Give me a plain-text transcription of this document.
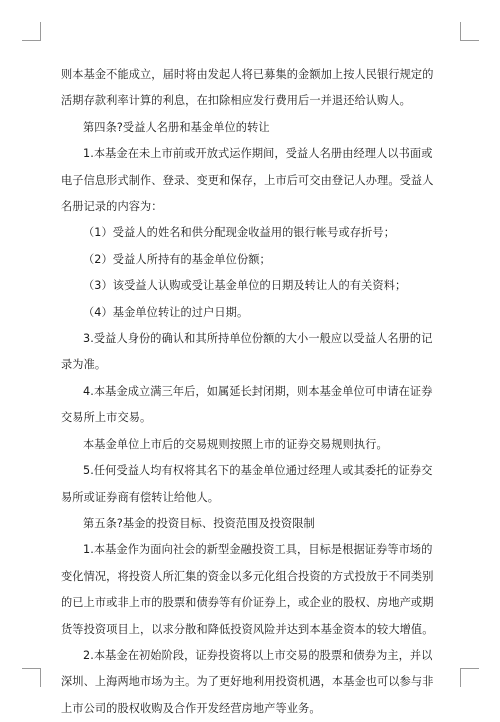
则本基金不能成立，届时将由发起人将已募集的金额加上按人民银行规定的活期存款利率计算的利息，在扣除相应发行费用后一并退还给认购人。

第四条?受益人名册和基金单位的转让

1.本基金在未上市前或开放式运作期间，受益人名册由经理人以书面或电子信息形式制作、登录、变更和保存，上市后可交由登记人办理。受益人名册记录的内容为：

（1）受益人的姓名和供分配现金收益用的银行帐号或存折号；

（2）受益人所持有的基金单位份额；

（3）该受益人认购或受让基金单位的日期及转让人的有关资料；

（4）基金单位转让的过户日期。

3.受益人身份的确认和其所持单位份额的大小一般应以受益人名册的记录为准。

4.本基金成立满三年后，如属延长封闭期，则本基金单位可申请在证券交易所上市交易。

本基金单位上市后的交易规则按照上市的证券交易规则执行。

5.任何受益人均有权将其名下的基金单位通过经理人或其委托的证券交易所或证券商有偿转让给他人。

第五条?基金的投资目标、投资范围及投资限制

1.本基金作为面向社会的新型金融投资工具，目标是根据证券等市场的变化情况，将投资人所汇集的资金以多元化组合投资的方式投放于不同类别的已上市或非上市的股票和债券等有价证券上，或企业的股权、房地产或期货等投资项目上，以求分散和降低投资风险并达到本基金资本的较大增值。

2.本基金在初始阶段，证券投资将以上市交易的股票和债券为主，并以深圳、上海两地市场为主。为了更好地利用投资机遇，本基金也可以参与非上市公司的股权收购及合作开发经营房地产等业务。
